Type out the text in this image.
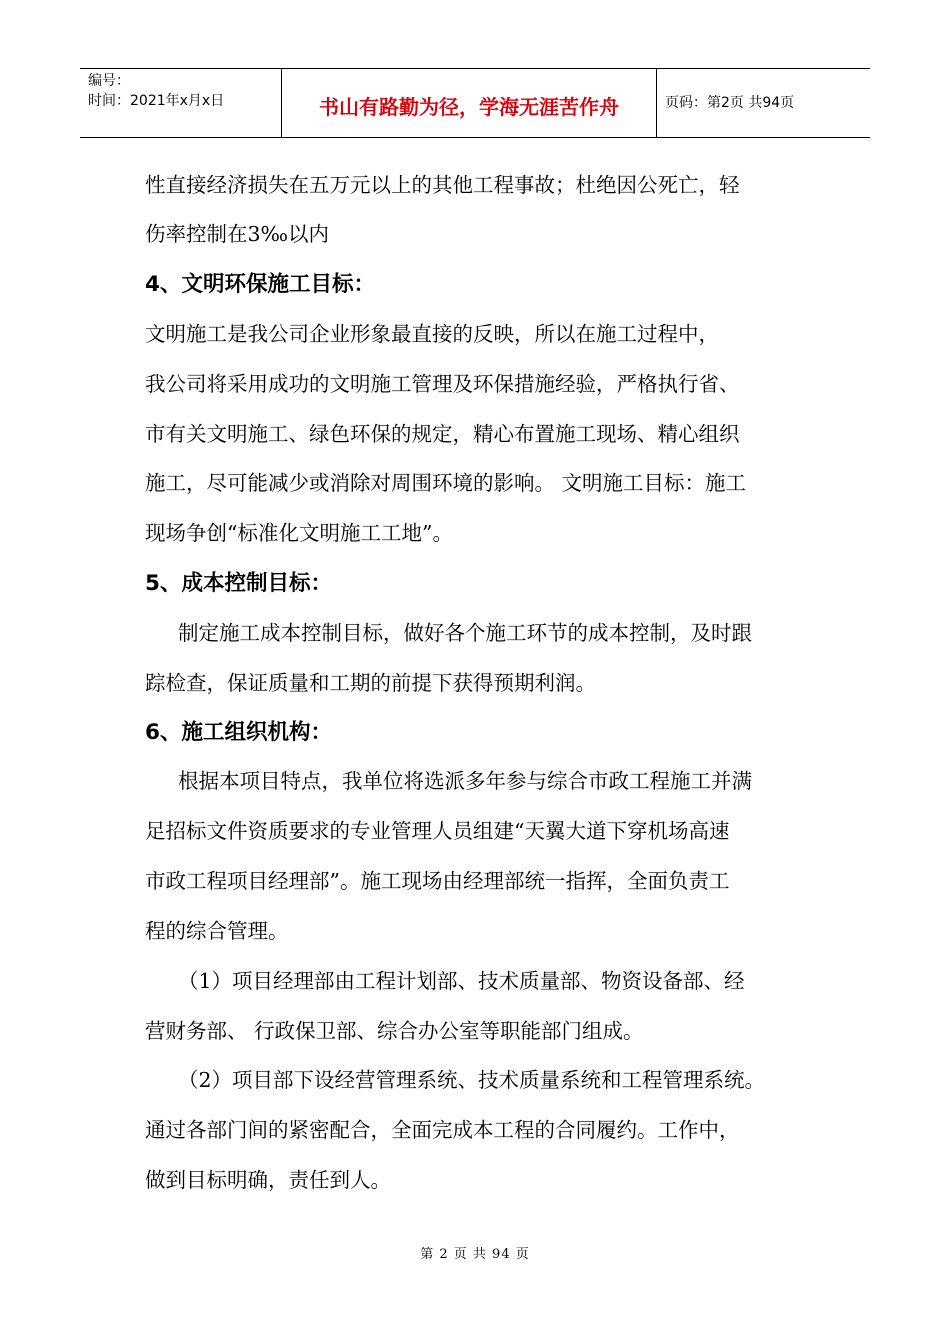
编号：
时间：2021年x月x日	书山有路勤为径，学海无涯苦作舟	页码：第2页 共94页
性直接经济损失在五万元以上的其他工程事故；杜绝因公死亡，轻
伤率控制在3‰以内
4、文明环保施工目标：
文明施工是我公司企业形象最直接的反映，所以在施工过程中，
我公司将采用成功的文明施工管理及环保措施经验，严格执行省、
市有关文明施工、绿色环保的规定，精心布置施工现场、精心组织
施工，尽可能减少或消除对周围环境的影响。 文明施工目标：施工
现场争创“标准化文明施工工地”。
5、成本控制目标：
制定施工成本控制目标，做好各个施工环节的成本控制，及时跟
踪检查，保证质量和工期的前提下获得预期利润。
6、施工组织机构：
根据本项目特点，我单位将选派多年参与综合市政工程施工并满
足招标文件资质要求的专业管理人员组建“天翼大道下穿机场高速
市政工程项目经理部”。施工现场由经理部统一指挥，全面负责工
程的综合管理。
（1）项目经理部由工程计划部、技术质量部、物资设备部、经
营财务部、 行政保卫部、综合办公室等职能部门组成。
（2）项目部下设经营管理系统、技术质量系统和工程管理系统。
通过各部门间的紧密配合，全面完成本工程的合同履约。工作中，
做到目标明确，责任到人。
第 2 页 共 94 页
